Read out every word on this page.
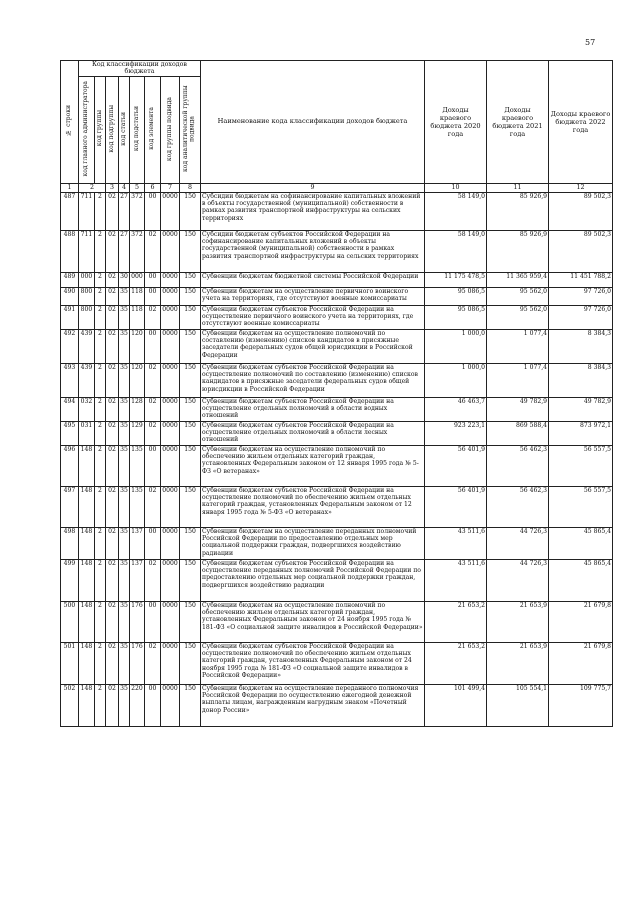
57
№ строки	Код классификации доходов бюджета								Наименование кода классификации доходов бюджета	Доходы краевого бюджета 2020 года	Доходы краевого бюджета 2021 года	Доходы краевого бюджета 2022 года
	код главного администратора	код группы	код подгруппы	код статьи	код подстатьи	код элемента	код группы подвида	код аналитической группы подвида				
1	2		3	4	5	6	7	8	9	10	11	12
487	711	2	02	27	372	00	0000	150	Субсидии бюджетам на софинансирование капитальных вложений в объекты государственной (муниципальной) собственности в рамках развития транспортной инфраструктуры на сельских территориях	58 149,0	85 926,9	89 502,3
488	711	2	02	27	372	02	0000	150	Субсидии бюджетам субъектов Российской Федерации на софинансирование капитальных вложений в объекты государственной (муниципальной) собственности в рамках развития транспортной инфраструктуры на сельских территориях	58 149,0	85 926,9	89 502,3
489	000	2	02	30	000	00	0000	150	Субвенции бюджетам бюджетной системы Российской Федерации	11 175 478,5	11 365 959,4	11 451 788,2
490	800	2	02	35	118	00	0000	150	Субвенции бюджетам на осуществление первичного воинского учета на территориях, где отсутствуют военные комиссариаты	95 086,5	95 562,0	97 726,0
491	800	2	02	35	118	02	0000	150	Субвенции бюджетам субъектов Российской Федерации на осуществление первичного воинского учета на территориях, где отсутствуют военные комиссариаты	95 086,5	95 562,0	97 726,0
492	439	2	02	35	120	00	0000	150	Субвенции бюджетам на осуществление полномочий по составлению (изменению) списков кандидатов в присяжные заседатели федеральных судов общей юрисдикции в Российской Федерации	1 000,0	1 077,4	8 384,3
493	439	2	02	35	120	02	0000	150	Субвенции бюджетам субъектов Российской Федерации на осуществление полномочий по составлению (изменению) списков кандидатов в присяжные заседатели федеральных судов общей юрисдикции в Российской Федерации	1 000,0	1 077,4	8 384,3
494	032	2	02	35	128	02	0000	150	Субвенции бюджетам субъектов Российской Федерации на осуществление отдельных полномочий в области водных отношений	46 463,7	49 782,9	49 782,9
495	031	2	02	35	129	02	0000	150	Субвенции бюджетам субъектов Российской Федерации на осуществление отдельных полномочий в области лесных отношений	923 223,1	869 588,4	873 972,1
496	148	2	02	35	135	00	0000	150	Субвенции бюджетам на осуществление полномочий по обеспечению жильем отдельных категорий граждан, установленных Федеральным законом от 12 января 1995 года № 5-ФЗ «О ветеранах»	56 401,9	56 462,3	56 557,5
497	148	2	02	35	135	02	0000	150	Субвенции бюджетам субъектов Российской Федерации на осуществление полномочий по обеспечению жильем отдельных категорий граждан, установленных Федеральным законом от 12 января 1995 года № 5-ФЗ «О ветеранах»	56 401,9	56 462,3	56 557,5
498	148	2	02	35	137	00	0000	150	Субвенции бюджетам на осуществление переданных полномочий Российской Федерации по предоставлению отдельных мер социальной поддержки граждан, подвергшихся воздействию радиации	43 511,6	44 726,3	45 865,4
499	148	2	02	35	137	02	0000	150	Субвенции бюджетам субъектов Российской Федерации на осуществление переданных полномочий Российской Федерации по предоставлению отдельных мер социальной поддержки граждан, подвергшихся воздействию радиации	43 511,6	44 726,3	45 865,4
500	148	2	02	35	176	00	0000	150	Субвенции бюджетам на осуществление полномочий по обеспечению жильем отдельных категорий граждан, установленных Федеральным законом от 24 ноября 1995 года № 181-ФЗ «О социальной защите инвалидов в Российской Федерации»	21 653,2	21 653,9	21 679,8
501	148	2	02	35	176	02	0000	150	Субвенции бюджетам субъектов Российской Федерации на осуществление полномочий по обеспечению жильем отдельных категорий граждан, установленных Федеральным законом от 24 ноября 1995 года № 181-ФЗ «О социальной защите инвалидов в Российской Федерации»	21 653,2	21 653,9	21 679,8
502	148	2	02	35	220	00	0000	150	Субвенции бюджетам на осуществление переданного полномочия Российской Федерации по осуществлению ежегодной денежной выплаты лицам, награжденным нагрудным знаком «Почетный донор России»	101 499,4	105 554,1	109 775,7
